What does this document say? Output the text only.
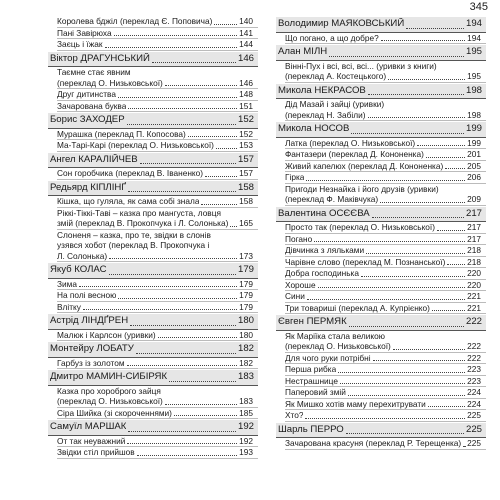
345
Королева бджіл (переклад Є. Поповича)	140
Пані Завірюха	141
Заєць і їжак	144
Віктор ДРАГУНСЬКИЙ	146
Таємне стає явним
(переклад О. Низьковської)	146
Друг дитинства	148
Зачарована буква	151
Борис ЗАХОДЕР	152
Мурашка (переклад П. Копосова)	152
Ма-Тарі-Карі (переклад О. Низьковської)	153
Ангел КАРАЛІЙЧЕВ	157
Сон горобчика (переклад В. Іваненко)	157
Редьярд КІПЛІНҐ	158
Кішка, що гуляла, як сама собі знала	158
Ріккі-Тіккі-Таві – казка про мангуста, ловця
змій (переклад В. Прокопчука і Л. Солонька) 165
Слоненя – казка, про те, звідки в слонів
узявся хобот (переклад В. Прокопчука і
Л. Солонька)	173
Якуб КОЛАС	179
Зима	179
На полі весною	179
Влітку	179
Астрід ЛІНДҐРЕН	180
Малюк і Карлсон (уривки)	180
Монтейру ЛОБАТУ	182
Гарбуз із золотом	182
Дмитро МАМИН-СИБІРЯК	183
Казка про хороброго зайця
(переклад О. Низьковської)	183
Сіра Шийка (зі скороченнями)	185
Самуїл МАРШАК	192
От так неуважний	192
Звідки стіл прийшов	193
Володимир МАЯКОВСЬКИЙ	194
Що погано, а що добре?	194
Алан МІЛН	195
Вінні-Пух і всі, всі, всі... (уривки з книги)
(переклад А. Костецького)	195
Микола НЕКРАСОВ	198
Дід Мазай і зайці (уривки)
(переклад Н. Забіли)	198
Микола НОСОВ	199
Латка (переклад О. Низьковської)	199
Фантазери (переклад Д. Кононенка)	201
Живий капелюх (переклад Д. Кононенка)	205
Гірка	206
Пригоди Незнайка і його друзів (уривки)
(переклад Ф. Маківчука)	209
Валентина ОСЄЄВА	217
Просто так (переклад О. Низьковської)	217
Погано	217
Дівчинка з ляльками	218
Чарівне слово (переклад М. Познанської)	218
Добра господинька	220
Хороше	220
Сини	221
Три товариші (переклад А. Купрієнко)	221
Євген ПЕРМЯК	222
Як Маріїка стала великою
(переклад О. Низьковської)	222
Для чого руки потрібні	222
Перша рибка	223
Нестрашнице	223
Паперовий змій	224
Як Мишко хотів маму перехитрувати	224
Хто?	225
Шарль ПЕРРО	225
Зачарована красуня (переклад Р. Терещенка) 225
